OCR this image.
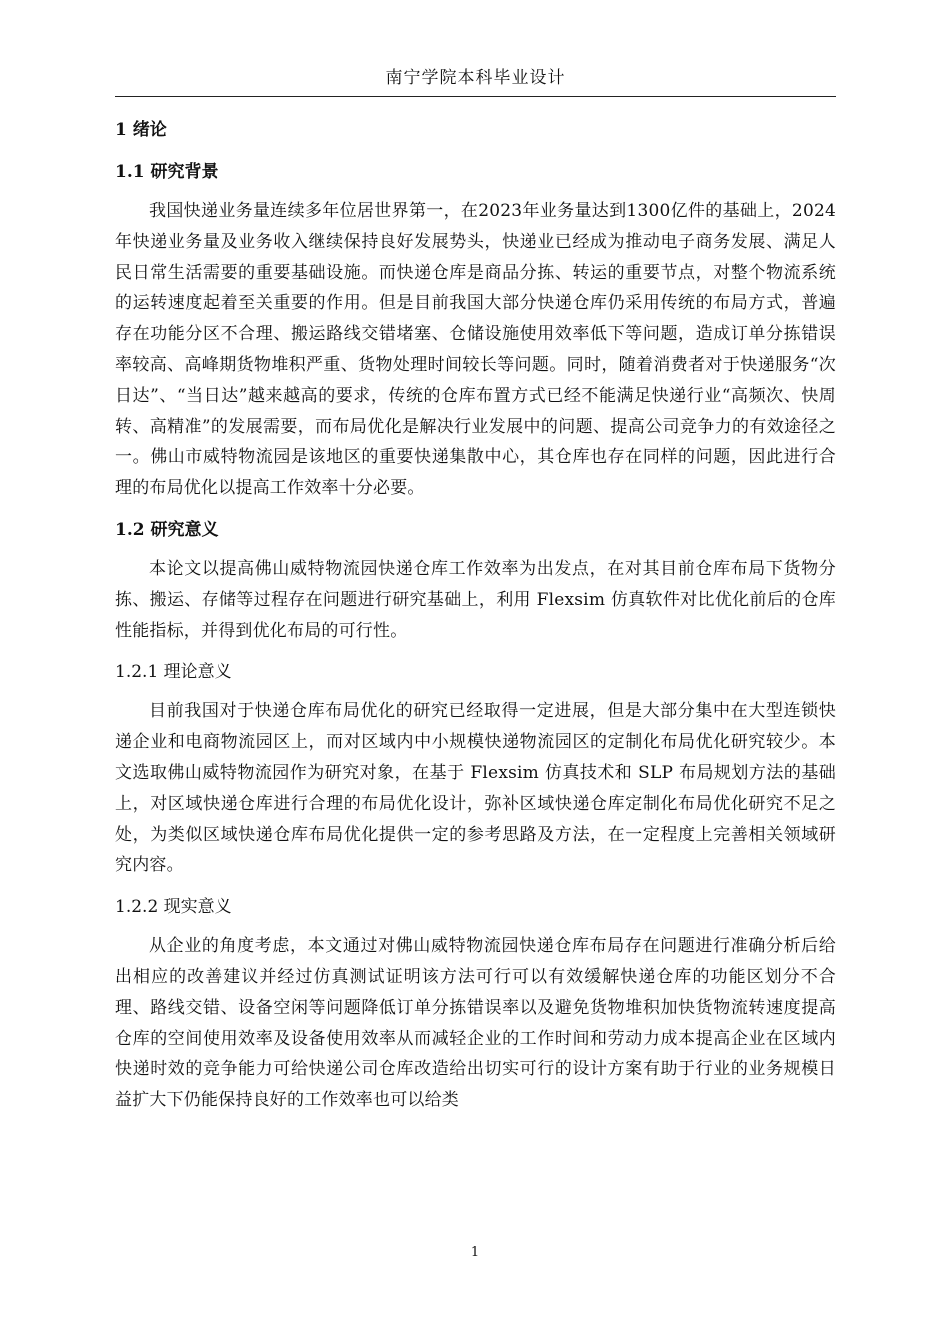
南宁学院本科毕业设计
1 绪论
1.1 研究背景

我国快递业务量连续多年位居世界第一，在2023年业务量达到1300亿件的基础上，2024年快递业务量及业务收入继续保持良好发展势头，快递业已经成为推动电子商务发展、满足人民日常生活需要的重要基础设施。而快递仓库是商品分拣、转运的重要节点，对整个物流系统的运转速度起着至关重要的作用。但是目前我国大部分快递仓库仍采用传统的布局方式，普遍存在功能分区不合理、搬运路线交错堵塞、仓储设施使用效率低下等问题，造成订单分拣错误率较高、高峰期货物堆积严重、货物处理时间较长等问题。同时，随着消费者对于快递服务“次日达”、“当日达”越来越高的要求，传统的仓库布置方式已经不能满足快递行业“高频次、快周转、高精准”的发展需要，而布局优化是解决行业发展中的问题、提高公司竞争力的有效途径之一。佛山市威特物流园是该地区的重要快递集散中心，其仓库也存在同样的问题，因此进行合理的布局优化以提高工作效率十分必要。

1.2 研究意义

本论文以提高佛山威特物流园快递仓库工作效率为出发点，在对其目前仓库布局下货物分拣、搬运、存储等过程存在问题进行研究基础上，利用 Flexsim 仿真软件对比优化前后的仓库性能指标，并得到优化布局的可行性。

1.2.1 理论意义

目前我国对于快递仓库布局优化的研究已经取得一定进展，但是大部分集中在大型连锁快递企业和电商物流园区上，而对区域内中小规模快递物流园区的定制化布局优化研究较少。本文选取佛山威特物流园作为研究对象，在基于 Flexsim 仿真技术和 SLP 布局规划方法的基础上，对区域快递仓库进行合理的布局优化设计，弥补区域快递仓库定制化布局优化研究不足之处，为类似区域快递仓库布局优化提供一定的参考思路及方法，在一定程度上完善相关领域研究内容。

1.2.2 现实意义

从企业的角度考虑，本文通过对佛山威特物流园快递仓库布局存在问题进行准确分析后给出相应的改善建议并经过仿真测试证明该方法可行可以有效缓解快递仓库的功能区划分不合理、路线交错、设备空闲等问题降低订单分拣错误率以及避免货物堆积加快货物流转速度提高仓库的空间使用效率及设备使用效率从而减轻企业的工作时间和劳动力成本提高企业在区域内快递时效的竞争能力可给快递公司仓库改造给出切实可行的设计方案有助于行业的业务规模日益扩大下仍能保持良好的工作效率也可以给类

1
